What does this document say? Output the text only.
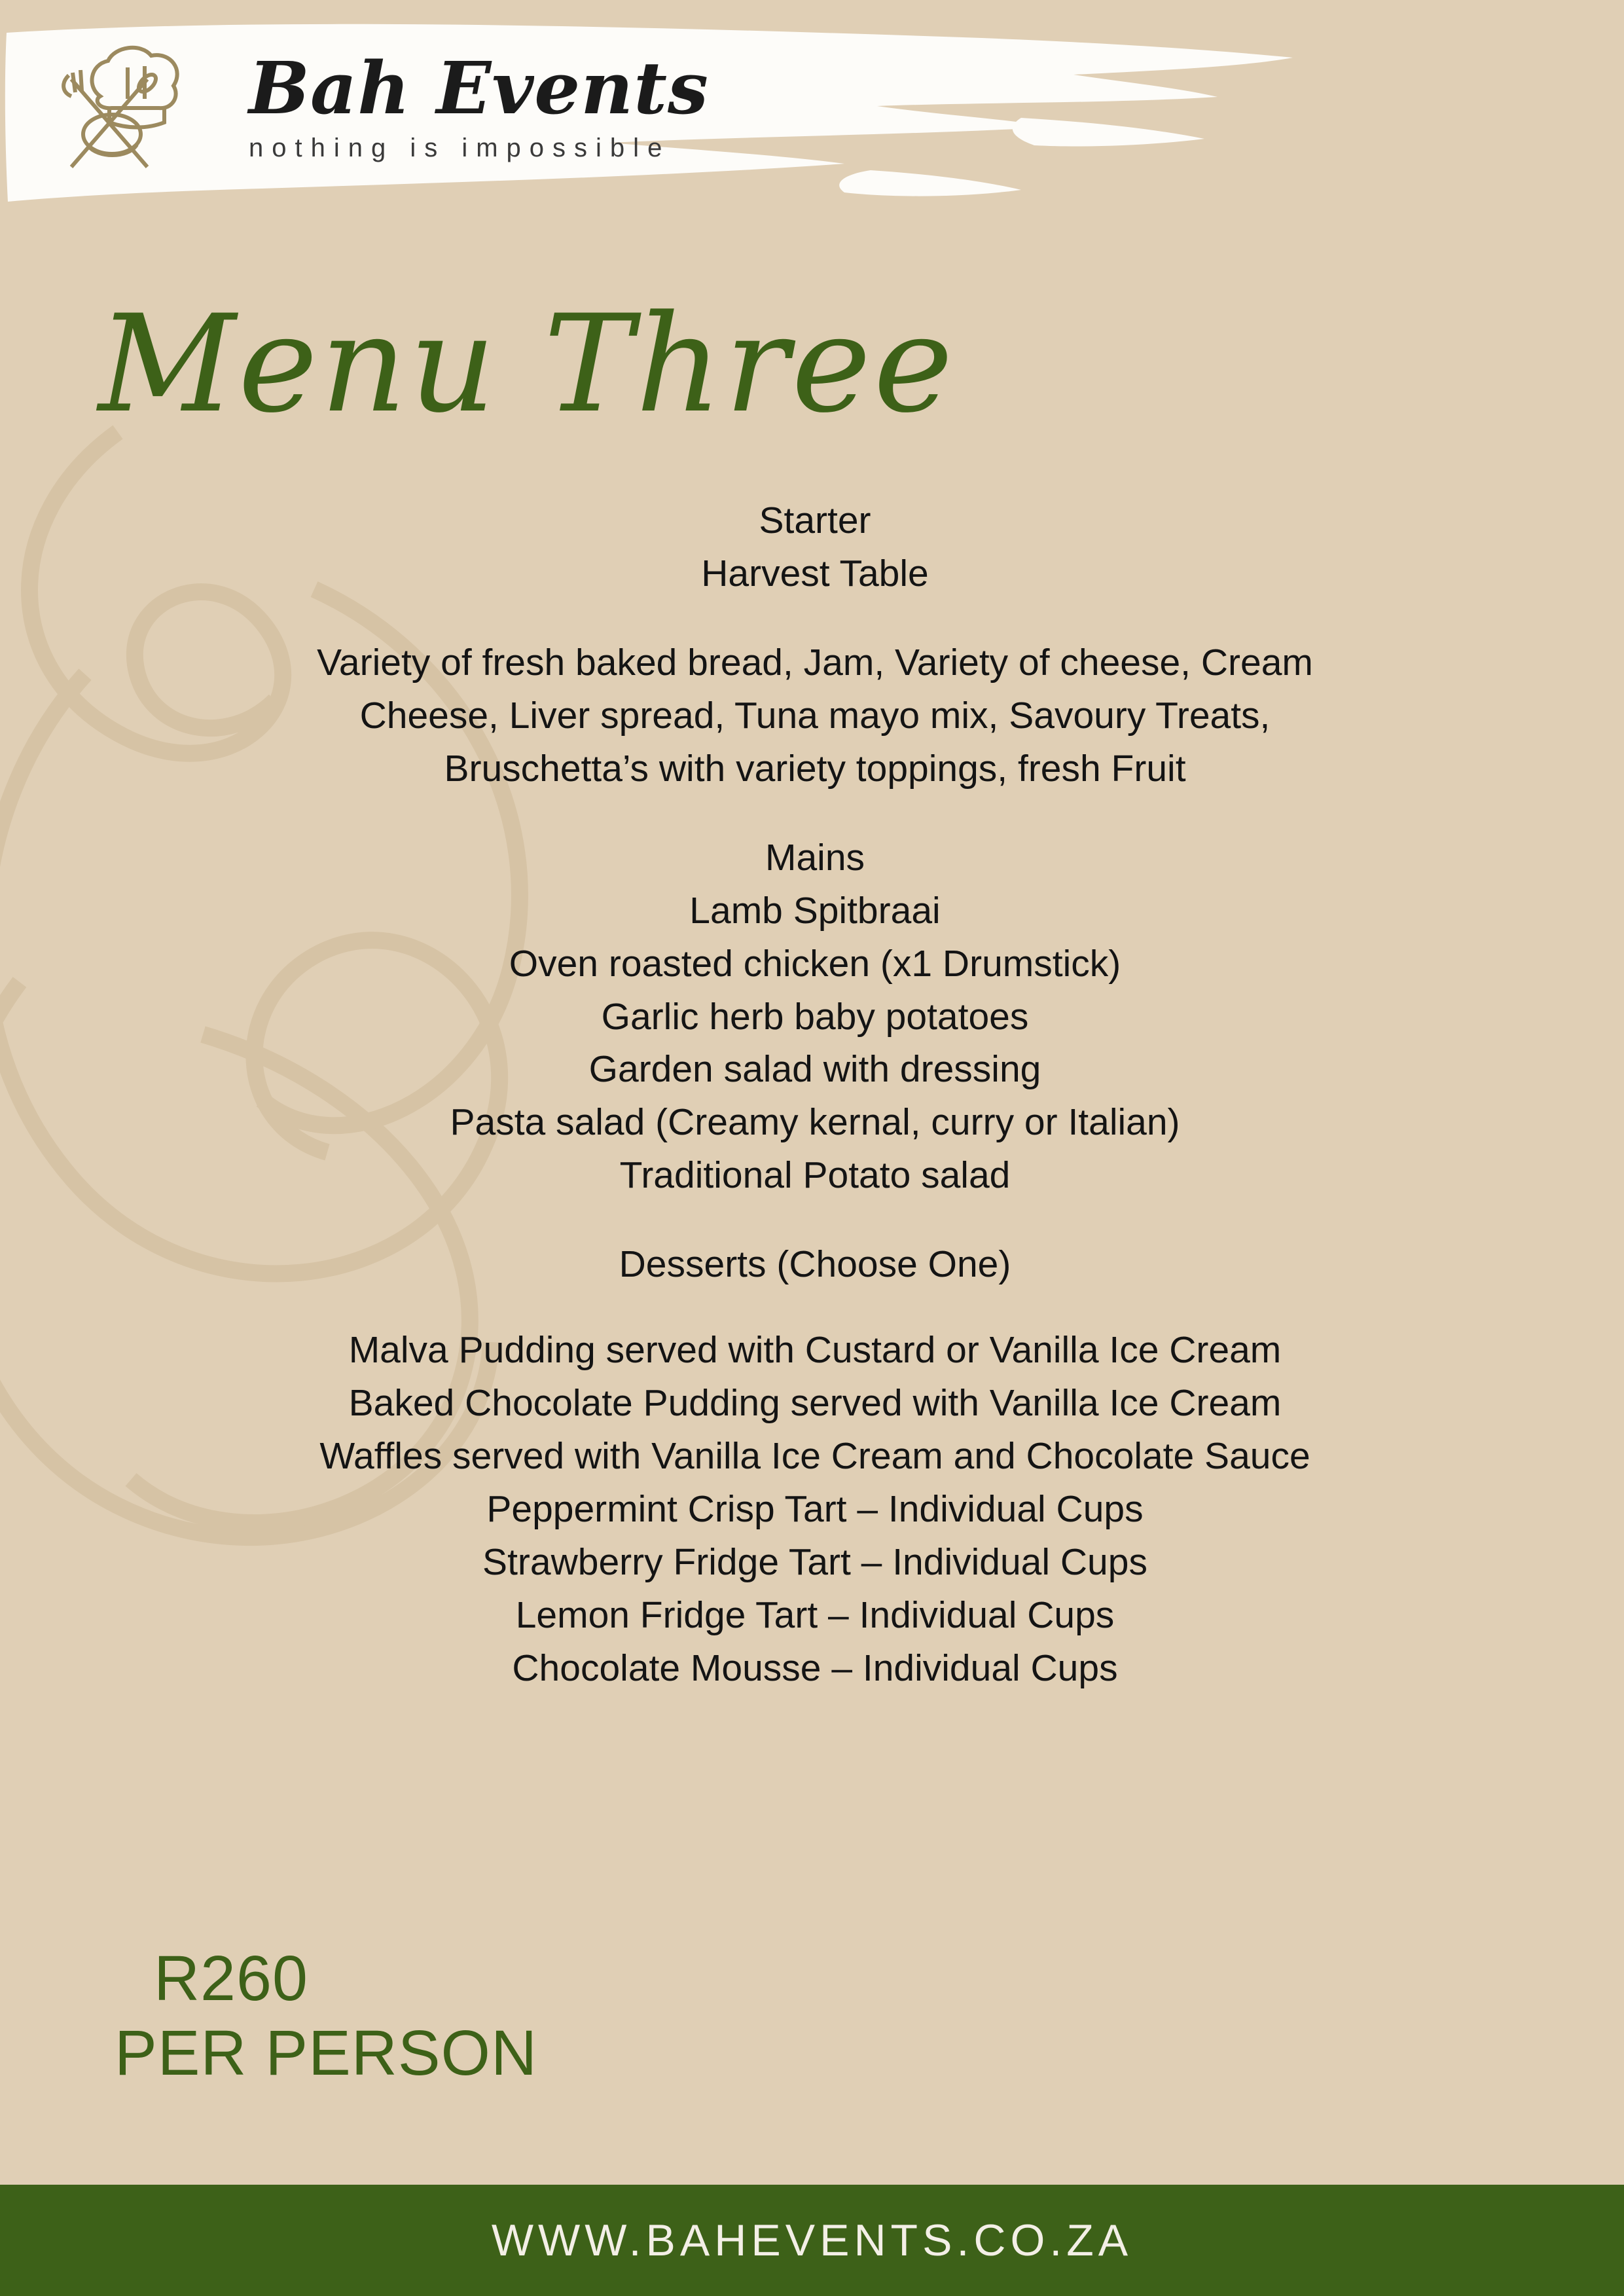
Bah Events
nothing is impossible
Menu Three
Starter
Harvest Table
Variety of fresh baked bread, Jam, Variety of cheese, Cream
Cheese, Liver spread, Tuna mayo mix, Savoury Treats,
Bruschetta’s with variety toppings, fresh Fruit
Mains
Lamb Spitbraai
Oven roasted chicken (x1 Drumstick)
Garlic herb baby potatoes
Garden salad with dressing
Pasta salad (Creamy kernal, curry or Italian)
Traditional Potato salad
Desserts (Choose One)
Malva Pudding served with Custard or Vanilla Ice Cream
Baked Chocolate Pudding served with Vanilla Ice Cream
Waffles served with Vanilla Ice Cream and Chocolate Sauce
Peppermint Crisp Tart – Individual Cups
Strawberry Fridge Tart – Individual Cups
Lemon Fridge Tart – Individual Cups
Chocolate Mousse – Individual Cups
R260
PER PERSON
WWW.BAHEVENTS.CO.ZA
